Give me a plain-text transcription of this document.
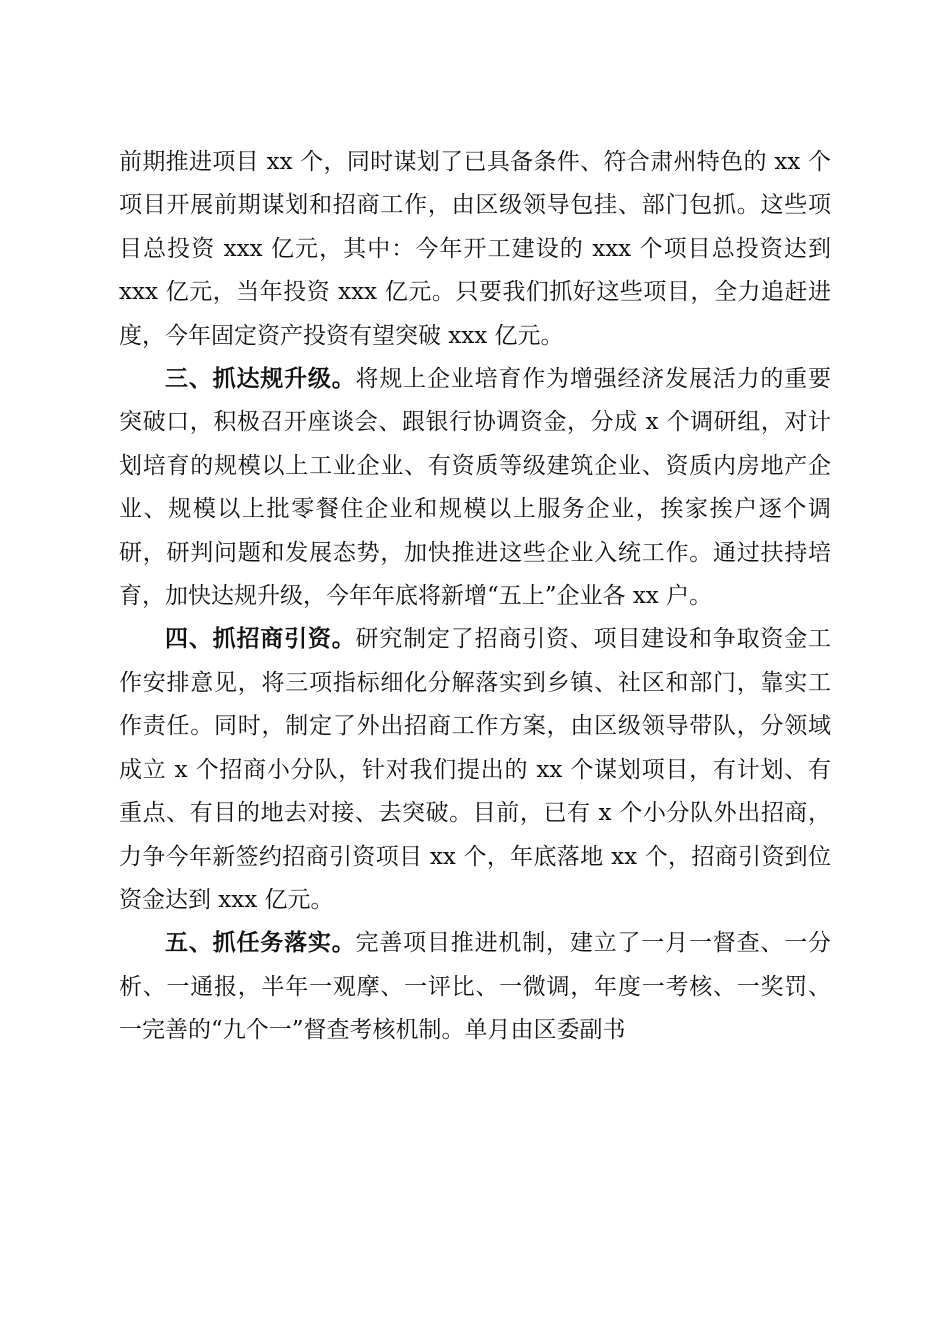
前期推进项目 xx 个，同时谋划了已具备条件、符合肃州特色的 xx 个项目开展前期谋划和招商工作，由区级领导包挂、部门包抓。这些项目总投资 xxx 亿元，其中：今年开工建设的 xxx 个项目总投资达到 xxx 亿元，当年投资 xxx 亿元。只要我们抓好这些项目，全力追赶进度，今年固定资产投资有望突破 xxx 亿元。

三、抓达规升级。将规上企业培育作为增强经济发展活力的重要突破口，积极召开座谈会、跟银行协调资金，分成 x 个调研组，对计划培育的规模以上工业企业、有资质等级建筑企业、资质内房地产企业、规模以上批零餐住企业和规模以上服务企业，挨家挨户逐个调研，研判问题和发展态势，加快推进这些企业入统工作。通过扶持培育，加快达规升级，今年年底将新增“五上”企业各 xx 户。

四、抓招商引资。研究制定了招商引资、项目建设和争取资金工作安排意见，将三项指标细化分解落实到乡镇、社区和部门，靠实工作责任。同时，制定了外出招商工作方案，由区级领导带队，分领域成立 x 个招商小分队，针对我们提出的 xx 个谋划项目，有计划、有重点、有目的地去对接、去突破。目前，已有 x 个小分队外出招商，力争今年新签约招商引资项目 xx 个，年底落地 xx 个，招商引资到位资金达到 xxx 亿元。

五、抓任务落实。完善项目推进机制，建立了一月一督查、一分析、一通报，半年一观摩、一评比、一微调，年度一考核、一奖罚、一完善的“九个一”督查考核机制。单月由区委副书
